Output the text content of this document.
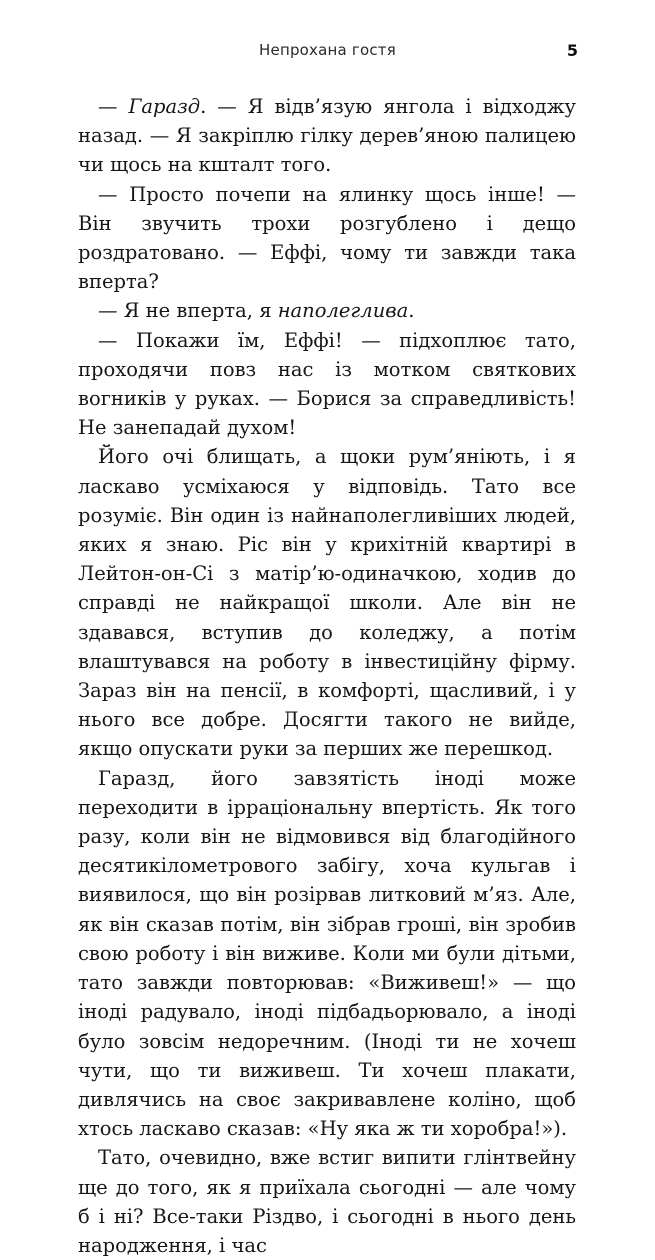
Непрохана гостя	5

— Гаразд. — Я відв’язую янгола і відходжу назад. — Я закріплю гілку дерев’яною палицею чи щось на кшталт того.

— Просто почепи на ялинку щось інше! — Він звучить трохи розгублено і дещо роздратовано. — Еффі, чому ти завжди така вперта?

— Я не вперта, я наполеглива.

— Покажи їм, Еффі! — підхоплює тато, проходячи повз нас із мотком святкових вогників у руках. — Борися за справедливість! Не занепадай духом!

Його очі блищать, а щоки рум’яніють, і я ласкаво усміхаюся у відповідь. Тато все розуміє. Він один із найнаполегливіших людей, яких я знаю. Ріс він у крихітній квартирі в Лейтон-он-Сі з матір’ю-одиначкою, ходив до справді не найкращої школи. Але він не здавався, вступив до коледжу, а потім влаштувався на роботу в інвестиційну фірму. Зараз він на пенсії, в комфорті, щасливий, і у нього все добре. Досягти такого не вийде, якщо опускати руки за перших же перешкод.

Гаразд, його завзятість іноді може переходити в ірраціональну впертість. Як того разу, коли він не відмовився від благодійного десятикілометрового забігу, хоча кульгав і виявилося, що він розірвав литковий м’яз. Але, як він сказав потім, він зібрав гроші, він зробив свою роботу і він виживе. Коли ми були дітьми, тато завжди повторював: «Виживеш!» — що іноді радувало, іноді підбадьорювало, а іноді було зовсім недоречним. (Іноді ти не хочеш чути, що ти виживеш. Ти хочеш плакати, дивлячись на своє закривавлене коліно, щоб хтось ласкаво сказав: «Ну яка ж ти хоробра!»).

Тато, очевидно, вже встиг випити глінтвейну ще до того, як я приїхала сьогодні — але чому б і ні? Все-таки Різдво, і сьогодні в нього день народження, і час
